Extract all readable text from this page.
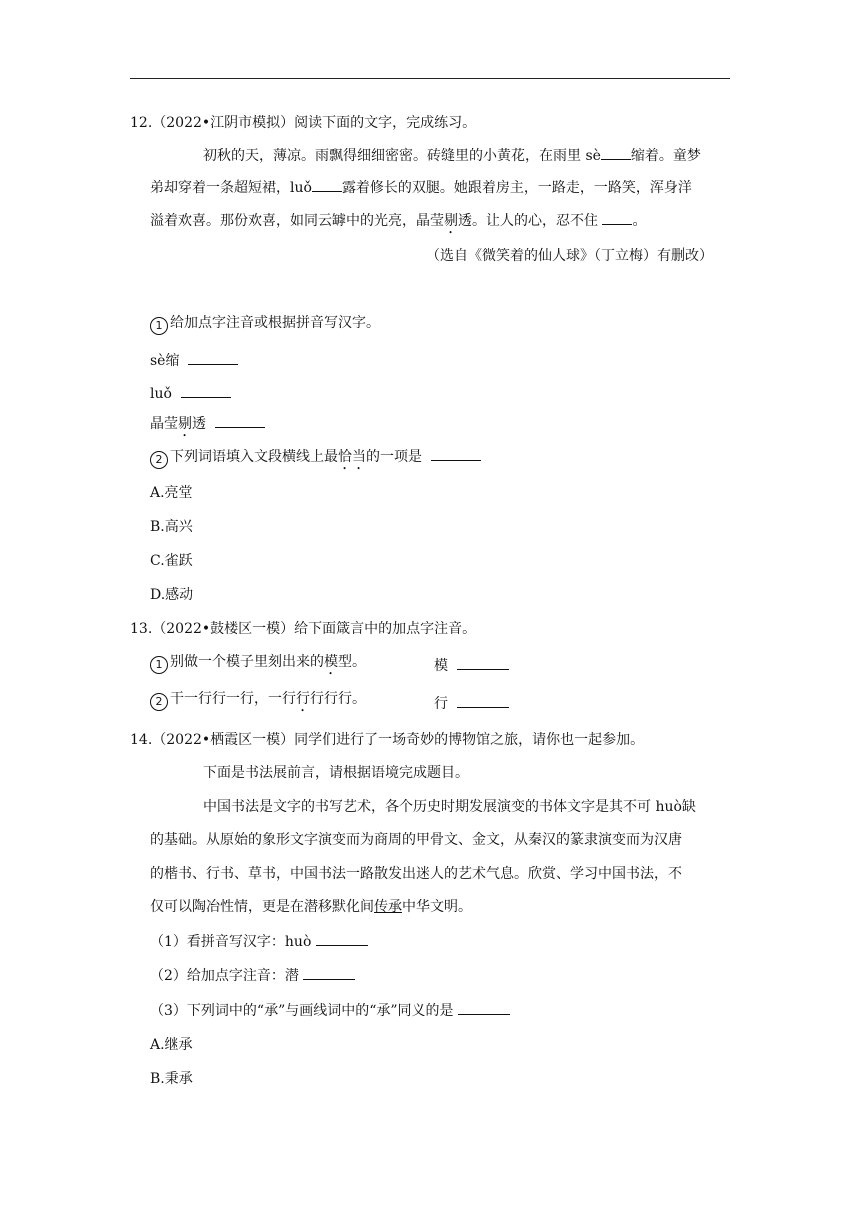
12.（2022•江阴市模拟）阅读下面的文字，完成练习。
初秋的天，薄凉。雨飘得细细密密。砖缝里的小黄花，在雨里 sè 缩着。童梦
弟却穿着一条超短裙，luǒ 露着修长的双腿。她跟着房主，一路走，一路笑，浑身洋
溢着欢喜。那份欢喜，如同云罅中的光亮，晶莹剔透。让人的心，忍不住 。
（选自《微笑着的仙人球》（丁立梅）有删改）
1 给加点字注音或根据拼音写汉字。
sè缩
luǒ
晶莹剔透
2 下列词语填入文段横线上最恰当的一项是
A.亮堂
B.高兴
C.雀跃
D.感动
13.（2022•鼓楼区一模）给下面箴言中的加点字注音。
1 别做一个模子里刻出来的模型。	模
2 干一行行一行，一行行行行行。	行
14.（2022•栖霞区一模）同学们进行了一场奇妙的博物馆之旅，请你也一起参加。
下面是书法展前言，请根据语境完成题目。
中国书法是文字的书写艺术，各个历史时期发展演变的书体文字是其不可 huò缺
的基础。从原始的象形文字演变而为商周的甲骨文、金文，从秦汉的篆隶演变而为汉唐
的楷书、行书、草书，中国书法一路散发出迷人的艺术气息。欣赏、学习中国书法，不
仅可以陶冶性情，更是在潜移默化间传承中华文明。
（1）看拼音写汉字：huò
（2）给加点字注音：潜
（3）下列词中的“承”与画线词中的“承”同义的是
A.继承
B.秉承
